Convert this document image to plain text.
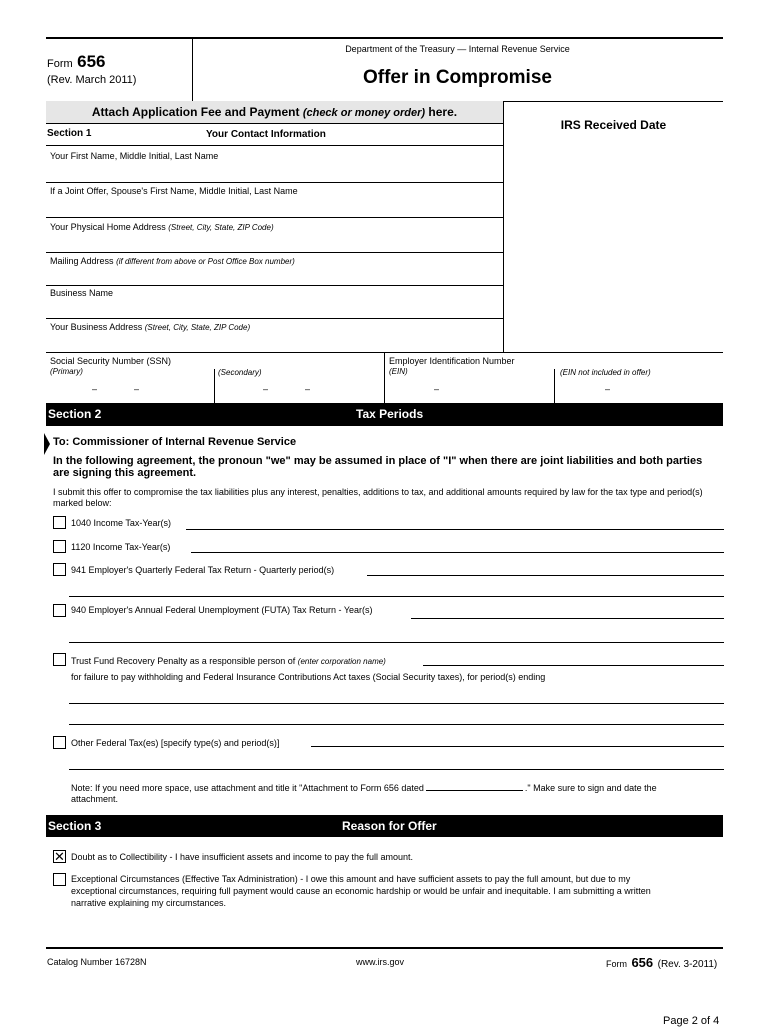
Form 656
(Rev. March 2011)
Department of the Treasury — Internal Revenue Service
Offer in Compromise
Attach Application Fee and Payment (check or money order) here.
IRS Received Date
Section 1	Your Contact Information
Your First Name, Middle Initial, Last Name
If a Joint Offer, Spouse's First Name, Middle Initial, Last Name
Your Physical Home Address (Street, City, State, ZIP Code)
Mailing Address (if different from above or Post Office Box number)
Business Name
Your Business Address (Street, City, State, ZIP Code)
Social Security Number (SSN)
(Primary)
–	–
(Secondary)
–	–
Employer Identification Number
(EIN)
–
(EIN not included in offer)
–
Section 2	Tax Periods
To: Commissioner of Internal Revenue Service
In the following agreement, the pronoun "we" may be assumed in place of "I" when there are joint liabilities and both parties are signing this agreement.
I submit this offer to compromise the tax liabilities plus any interest, penalties, additions to tax, and additional amounts required by law for the tax type and period(s) marked below:
1040 Income Tax-Year(s)
1120 Income Tax-Year(s)
941 Employer's Quarterly Federal Tax Return - Quarterly period(s)
940 Employer's Annual Federal Unemployment (FUTA) Tax Return - Year(s)
Trust Fund Recovery Penalty as a responsible person of (enter corporation name)
for failure to pay withholding and Federal Insurance Contributions Act taxes (Social Security taxes), for period(s) ending
Other Federal Tax(es) [specify type(s) and period(s)]
Note: If you need more space, use attachment and title it "Attachment to Form 656 dated	." Make sure to sign and date the
attachment.
Section 3	Reason for Offer
✕ Doubt as to Collectibility - I have insufficient assets and income to pay the full amount.
Exceptional Circumstances (Effective Tax Administration) - I owe this amount and have sufficient assets to pay the full amount, but due to my
exceptional circumstances, requiring full payment would cause an economic hardship or would be unfair and inequitable. I am submitting a written
narrative explaining my circumstances.
Catalog Number 16728N	www.irs.gov	Form 656 (Rev. 3-2011)
Page 2 of 4
